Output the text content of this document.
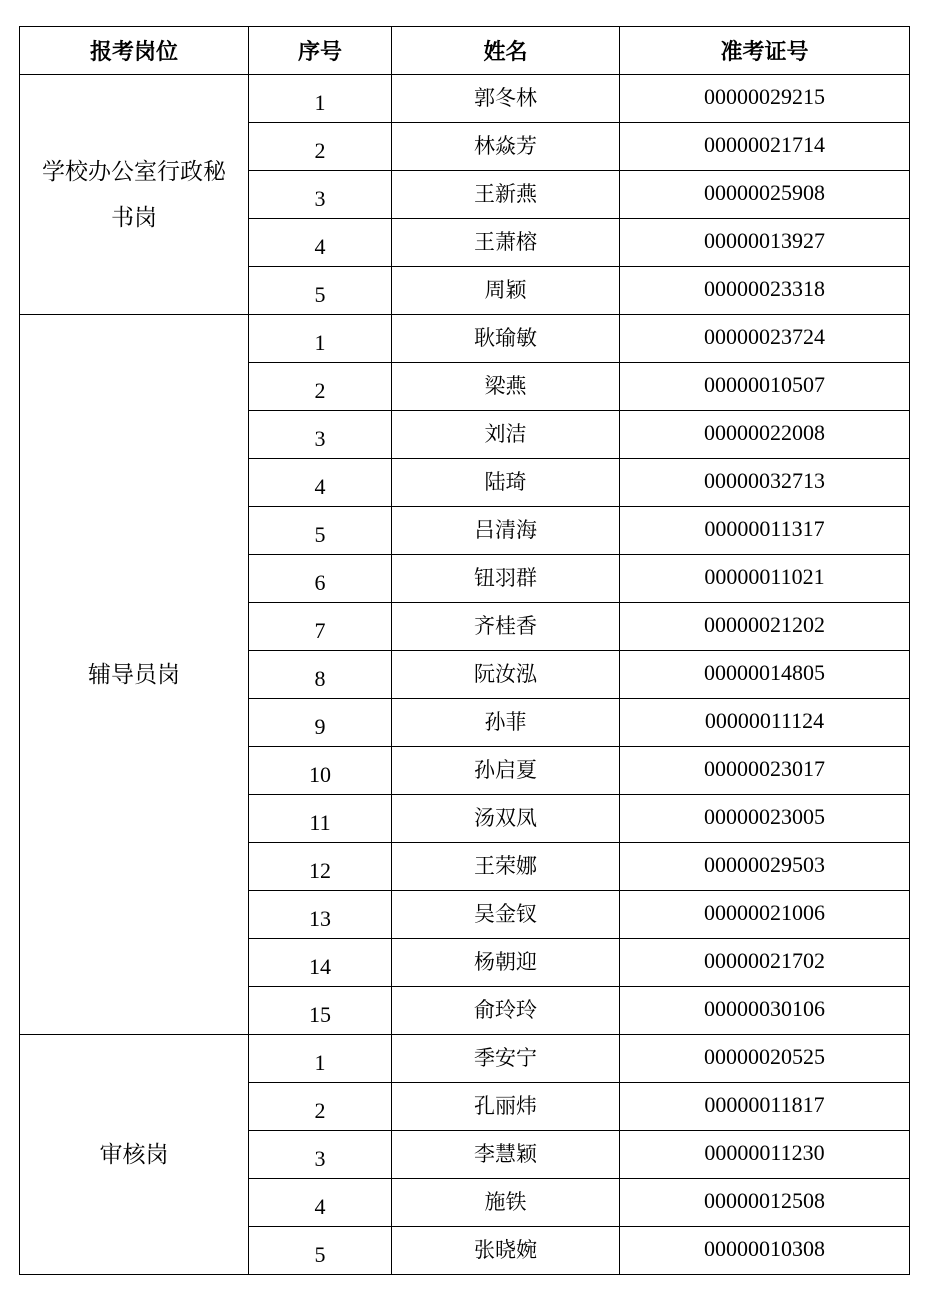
报考岗位	序号	姓名	准考证号
学校办公室行政秘书岗	1	郭冬林	00000029215
	2	林焱芳	00000021714
	3	王新燕	00000025908
	4	王萧榕	00000013927
	5	周颖	00000023318
辅导员岗	1	耿瑜敏	00000023724
	2	梁燕	00000010507
	3	刘洁	00000022008
	4	陆琦	00000032713
	5	吕清海	00000011317
	6	钮羽群	00000011021
	7	齐桂香	00000021202
	8	阮汝泓	00000014805
	9	孙菲	00000011124
	10	孙启夏	00000023017
	11	汤双凤	00000023005
	12	王荣娜	00000029503
	13	吴金钗	00000021006
	14	杨朝迎	00000021702
	15	俞玲玲	00000030106
审核岗	1	季安宁	00000020525
	2	孔丽炜	00000011817
	3	李慧颖	00000011230
	4	施铁	00000012508
	5	张晓婉	00000010308
